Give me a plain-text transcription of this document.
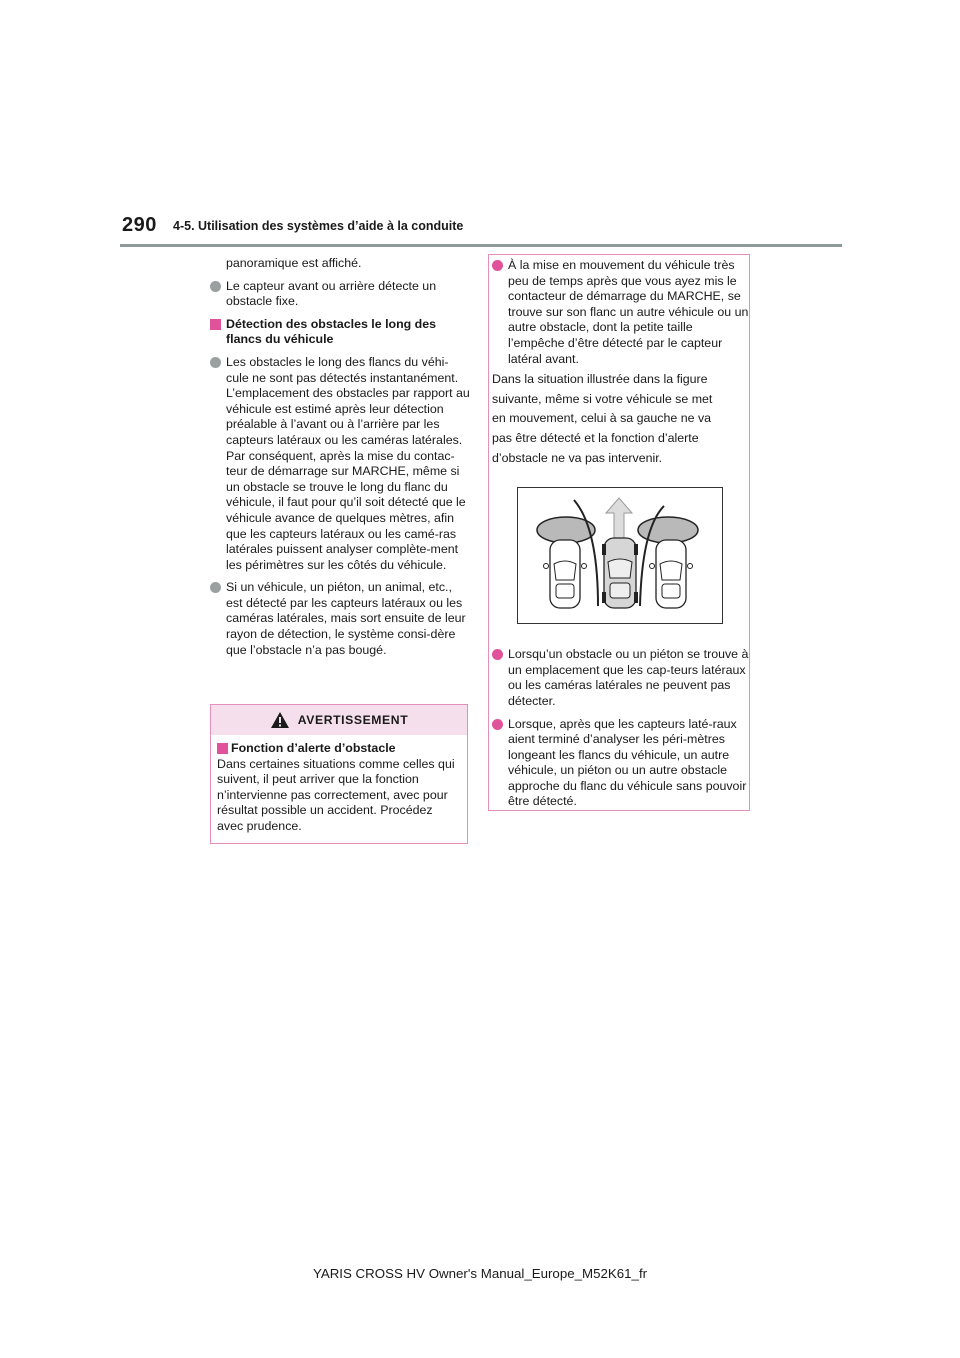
290 4-5. Utilisation des systèmes d’aide à la conduite

panoramique est affiché.

Le capteur avant ou arrière détecte un obstacle fixe.
Détection des obstacles le long des flancs du véhicule
Les obstacles le long des flancs du véhi-cule ne sont pas détectés instantanément. L’emplacement des obstacles par rapport au véhicule est estimé après leur détection préalable à l’avant ou à l’arrière par les capteurs latéraux ou les caméras latérales. Par conséquent, après la mise du contac-teur de démarrage sur MARCHE, même si un obstacle se trouve le long du flanc du véhicule, il faut pour qu’il soit détecté que le véhicule avance de quelques mètres, afin que les capteurs latéraux ou les camé-ras latérales puissent analyser complète-ment les périmètres sur les côtés du véhicule.
Si un véhicule, un piéton, un animal, etc., est détecté par les capteurs latéraux ou les caméras latérales, mais sort ensuite de leur rayon de détection, le système consi-dère que l’obstacle n’a pas bougé.
AVERTISSEMENT
Fonction d’alerte d’obstacle

Dans certaines situations comme celles qui suivent, il peut arriver que la fonction n’intervienne pas correctement, avec pour résultat possible un accident. Procédez avec prudence.

À la mise en mouvement du véhicule très peu de temps après que vous ayez mis le contacteur de démarrage du MARCHE, se trouve sur son flanc un autre véhicule ou un autre obstacle, dont la petite taille l’empêche d’être détecté par le capteur latéral avant.
Dans la situation illustrée dans la figure
suivante, même si votre véhicule se met
en mouvement, celui à sa gauche ne va
pas être détecté et la fonction d’alerte
d’obstacle ne va pas intervenir.
Lorsqu’un obstacle ou un piéton se trouve à un emplacement que les cap-teurs latéraux ou les caméras latérales ne peuvent pas détecter.
Lorsque, après que les capteurs laté-raux aient terminé d’analyser les péri-mètres longeant les flancs du véhicule, un autre véhicule, un piéton ou un autre obstacle approche du flanc du véhicule sans pouvoir être détecté.
YARIS CROSS HV Owner's Manual_Europe_M52K61_fr
